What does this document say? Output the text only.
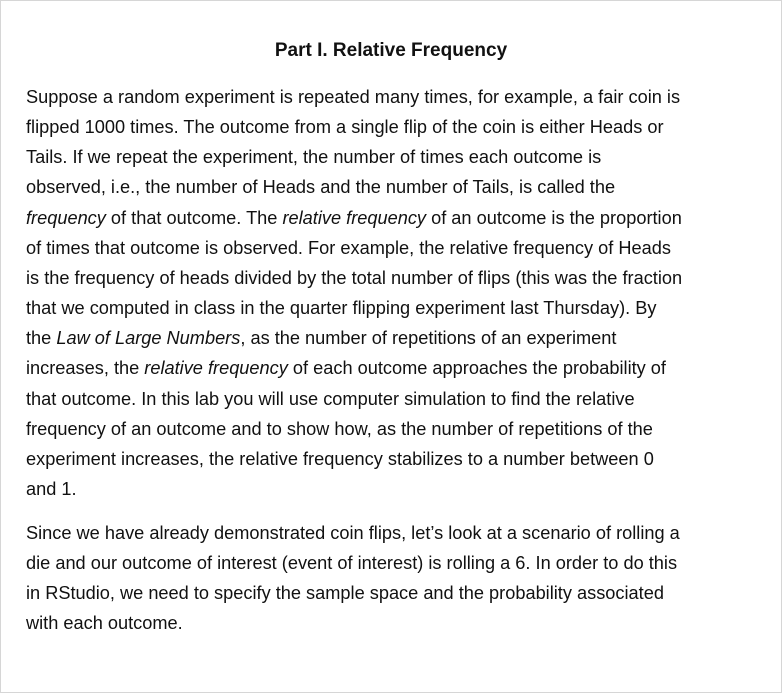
Part I. Relative Frequency

Suppose a random experiment is repeated many times, for example, a fair coin is
flipped 1000 times. The outcome from a single flip of the coin is either Heads or
Tails. If we repeat the experiment, the number of times each outcome is
observed, i.e., the number of Heads and the number of Tails, is called the
frequency of that outcome. The relative frequency of an outcome is the proportion
of times that outcome is observed. For example, the relative frequency of Heads
is the frequency of heads divided by the total number of flips (this was the fraction
that we computed in class in the quarter flipping experiment last Thursday). By
the Law of Large Numbers, as the number of repetitions of an experiment
increases, the relative frequency of each outcome approaches the probability of
that outcome. In this lab you will use computer simulation to find the relative
frequency of an outcome and to show how, as the number of repetitions of the
experiment increases, the relative frequency stabilizes to a number between 0
and 1.

Since we have already demonstrated coin flips, let’s look at a scenario of rolling a
die and our outcome of interest (event of interest) is rolling a 6. In order to do this
in RStudio, we need to specify the sample space and the probability associated
with each outcome.
